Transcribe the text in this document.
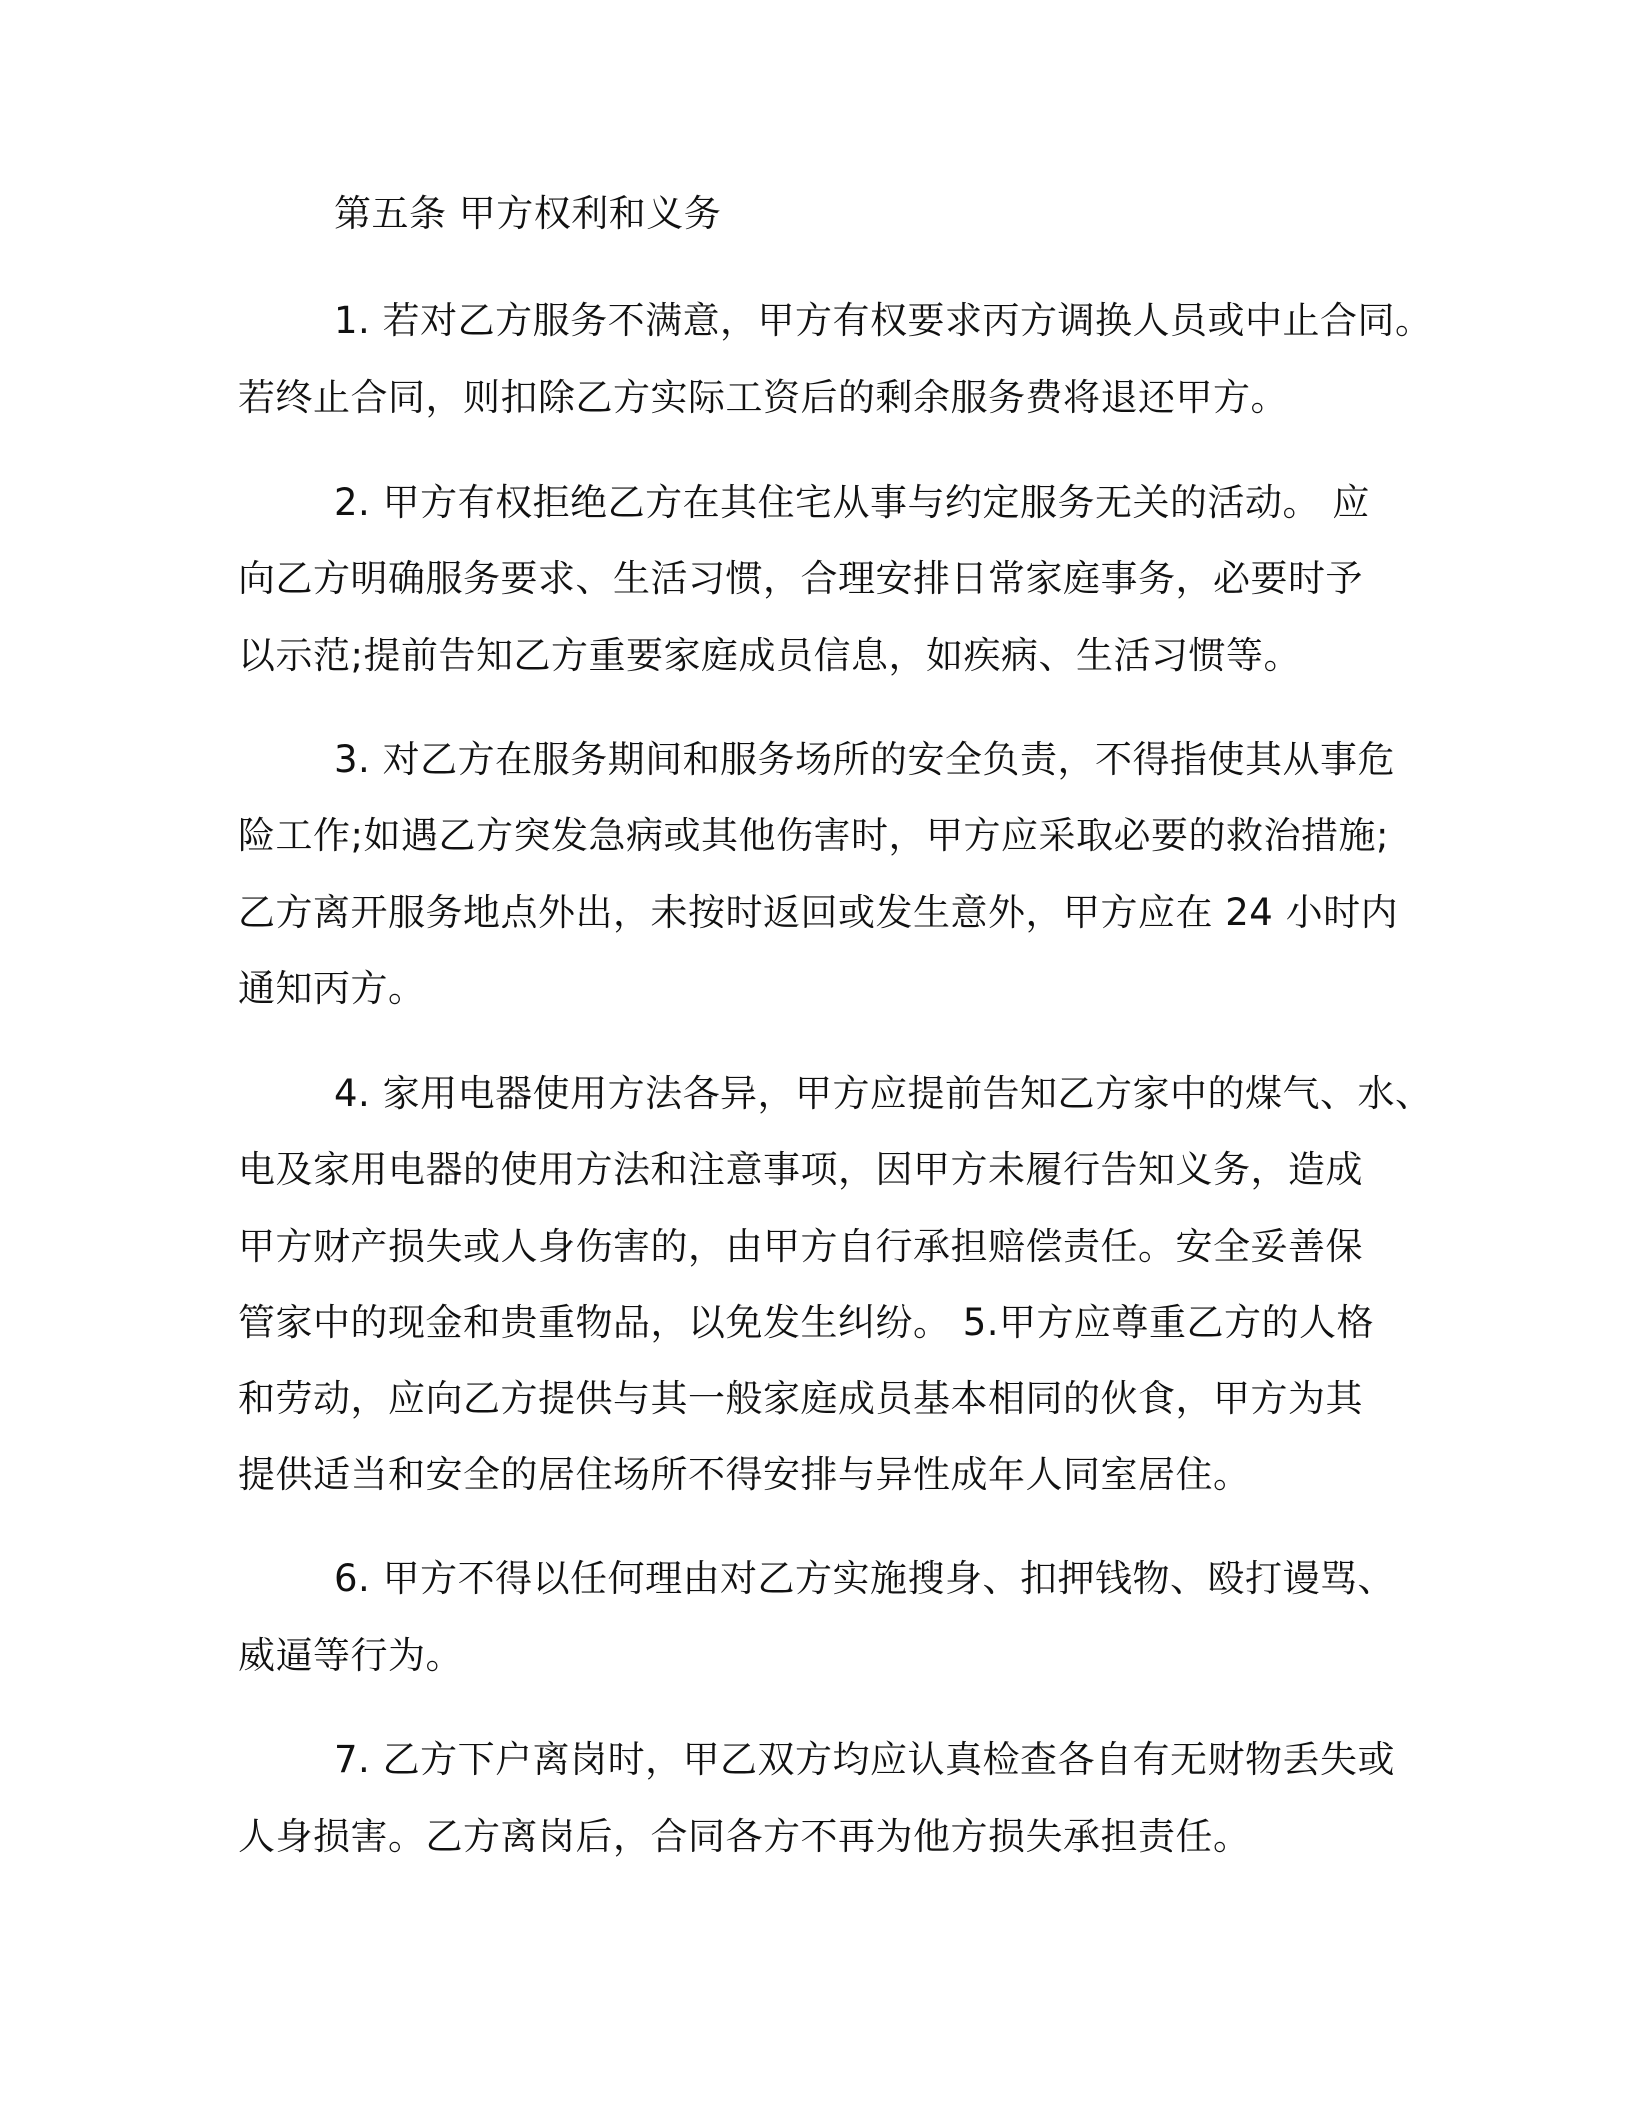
第五条 甲方权利和义务
1. 若对乙方服务不满意，甲方有权要求丙方调换人员或中止合同。
若终止合同，则扣除乙方实际工资后的剩余服务费将退还甲方。
2. 甲方有权拒绝乙方在其住宅从事与约定服务无关的活动。 应
向乙方明确服务要求、生活习惯，合理安排日常家庭事务，必要时予
以示范;提前告知乙方重要家庭成员信息，如疾病、生活习惯等。
3. 对乙方在服务期间和服务场所的安全负责，不得指使其从事危
险工作;如遇乙方突发急病或其他伤害时，甲方应采取必要的救治措施;
乙方离开服务地点外出，未按时返回或发生意外，甲方应在 24 小时内
通知丙方。
4. 家用电器使用方法各异，甲方应提前告知乙方家中的煤气、水、
电及家用电器的使用方法和注意事项，因甲方未履行告知义务，造成
甲方财产损失或人身伤害的，由甲方自行承担赔偿责任。安全妥善保
管家中的现金和贵重物品，以免发生纠纷。 5.甲方应尊重乙方的人格
和劳动，应向乙方提供与其一般家庭成员基本相同的伙食，甲方为其
提供适当和安全的居住场所不得安排与异性成年人同室居住。
6. 甲方不得以任何理由对乙方实施搜身、扣押钱物、殴打谩骂、
威逼等行为。
7. 乙方下户离岗时，甲乙双方均应认真检查各自有无财物丢失或
人身损害。乙方离岗后，合同各方不再为他方损失承担责任。
